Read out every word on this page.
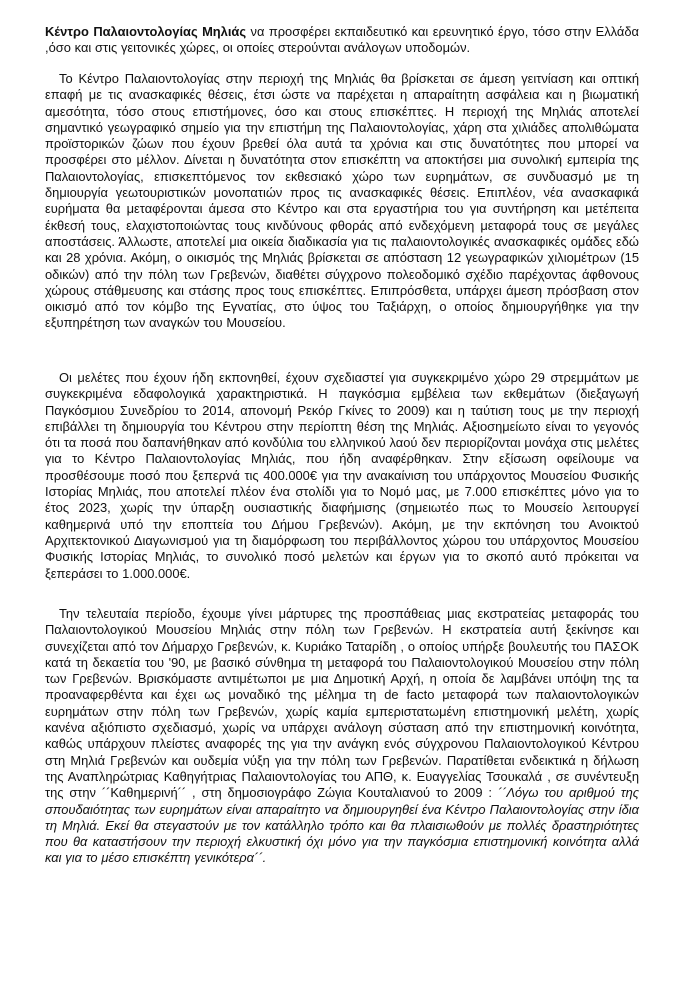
Κέντρο Παλαιοντολογίας Μηλιάς να προσφέρει εκπαιδευτικό και ερευνητικό έργο, τόσο στην Ελλάδα ,όσο και στις γειτονικές χώρες, οι οποίες στερούνται ανάλογων υποδομών.

Το Κέντρο Παλαιοντολογίας στην περιοχή της Μηλιάς θα βρίσκεται σε άμεση γειτνίαση και οπτική επαφή με τις ανασκαφικές θέσεις, έτσι ώστε να παρέχεται η απαραίτητη ασφάλεια και η βιωματική αμεσότητα, τόσο στους επιστήμονες, όσο και στους επισκέπτες. Η περιοχή της Μηλιάς αποτελεί σημαντικό γεωγραφικό σημείο για την επιστήμη της Παλαιοντολογίας, χάρη στα χιλιάδες απολιθώματα προϊστορικών ζώων που έχουν βρεθεί όλα αυτά τα χρόνια και στις δυνατότητες που μπορεί να προσφέρει στο μέλλον. Δίνεται η δυνατότητα στον επισκέπτη να αποκτήσει μια συνολική εμπειρία της Παλαιοντολογίας, επισκεπτόμενος τον εκθεσιακό χώρο των ευρημάτων, σε συνδυασμό με τη δημιουργία γεωτουριστικών μονοπατιών προς τις ανασκαφικές θέσεις. Επιπλέον, νέα ανασκαφικά ευρήματα θα μεταφέρονται άμεσα στο Κέντρο και στα εργαστήρια του για συντήρηση και μετέπειτα έκθεσή τους, ελαχιστοποιώντας τους κινδύνους φθοράς από ενδεχόμενη μεταφορά τους σε μεγάλες αποστάσεις. Άλλωστε, αποτελεί μια οικεία διαδικασία για τις παλαιοντολογικές ανασκαφικές ομάδες εδώ και 28 χρόνια. Ακόμη, ο οικισμός της Μηλιάς βρίσκεται σε απόσταση 12 γεωγραφικών χιλιομέτρων (15 οδικών) από την πόλη των Γρεβενών, διαθέτει σύγχρονο πολεοδομικό σχέδιο παρέχοντας άφθονους χώρους στάθμευσης και στάσης προς τους επισκέπτες. Επιπρόσθετα, υπάρχει άμεση πρόσβαση στον οικισμό από τον κόμβο της Εγνατίας, στο ύψος του Ταξιάρχη, ο οποίος δημιουργήθηκε για την εξυπηρέτηση των αναγκών του Μουσείου.

Οι μελέτες που έχουν ήδη εκπονηθεί, έχουν σχεδιαστεί για συγκεκριμένο χώρο 29 στρεμμάτων με συγκεκριμένα εδαφολογικά χαρακτηριστικά. Η παγκόσμια εμβέλεια των εκθεμάτων (διεξαγωγή Παγκόσμιου Συνεδρίου το 2014, απονομή Ρεκόρ Γκίνες το 2009) και η ταύτιση τους με την περιοχή επιβάλλει τη δημιουργία του Κέντρου στην περίοπτη θέση της Μηλιάς. Αξιοσημείωτο είναι το γεγονός ότι τα ποσά που δαπανήθηκαν από κονδύλια του ελληνικού λαού δεν περιορίζονται μονάχα στις μελέτες για το Κέντρο Παλαιοντολογίας Μηλιάς, που ήδη αναφέρθηκαν. Στην εξίσωση οφείλουμε να προσθέσουμε ποσό που ξεπερνά τις 400.000€ για την ανακαίνιση του υπάρχοντος Μουσείου Φυσικής Ιστορίας Μηλιάς, που αποτελεί πλέον ένα στολίδι για το Νομό μας, με 7.000 επισκέπτες μόνο για το έτος 2023, χωρίς την ύπαρξη ουσιαστικής διαφήμισης (σημειωτέο πως το Μουσείο λειτουργεί καθημερινά υπό την εποπτεία του Δήμου Γρεβενών). Ακόμη, με την εκπόνηση του Ανοικτού Αρχιτεκτονικού Διαγωνισμού για τη διαμόρφωση του περιβάλλοντος χώρου του υπάρχοντος Μουσείου Φυσικής Ιστορίας Μηλιάς, το συνολικό ποσό μελετών και έργων για το σκοπό αυτό πρόκειται να ξεπεράσει το 1.000.000€.

Την τελευταία περίοδο, έχουμε γίνει μάρτυρες της προσπάθειας μιας εκστρατείας μεταφοράς του Παλαιοντολογικού Μουσείου Μηλιάς στην πόλη των Γρεβενών. Η εκστρατεία αυτή ξεκίνησε και συνεχίζεται από τον Δήμαρχο Γρεβενών, κ. Κυριάκο Ταταρίδη , ο οποίος υπήρξε βουλευτής του ΠΑΣΟΚ κατά τη δεκαετία του '90, με βασικό σύνθημα τη μεταφορά του Παλαιοντολογικού Μουσείου στην πόλη των Γρεβενών. Βρισκόμαστε αντιμέτωποι με μια Δημοτική Αρχή, η οποία δε λαμβάνει υπόψη της τα προαναφερθέντα και έχει ως μοναδικό της μέλημα τη de facto μεταφορά των παλαιοντολογικών ευρημάτων στην πόλη των Γρεβενών, χωρίς καμία εμπεριστατωμένη επιστημονική μελέτη, χωρίς κανένα αξιόπιστο σχεδιασμό, χωρίς να υπάρχει ανάλογη σύσταση από την επιστημονική κοινότητα, καθώς υπάρχουν πλείστες αναφορές της για την ανάγκη ενός σύγχρονου Παλαιοντολογικού Κέντρου στη Μηλιά Γρεβενών και ουδεμία νύξη για την πόλη των Γρεβενών. Παρατίθεται ενδεικτικά η δήλωση της Αναπληρώτριας Καθηγήτριας Παλαιοντολογίας του ΑΠΘ, κ. Ευαγγελίας Τσουκαλά , σε συνέντευξη της στην ´´Καθημερινή´´ , στη δημοσιογράφο Ζώγια Κουταλιανού το 2009 : ´´Λόγω του αριθμού της σπουδαιότητας των ευρημάτων είναι απαραίτητο να δημιουργηθεί ένα Κέντρο Παλαιοντολογίας στην ίδια τη Μηλιά. Εκεί θα στεγαστούν με τον κατάλληλο τρόπο και θα πλαισιωθούν με πολλές δραστηριότητες που θα καταστήσουν την περιοχή ελκυστική όχι μόνο για την παγκόσμια επιστημονική κοινότητα αλλά και για το μέσο επισκέπτη γενικότερα´´.
